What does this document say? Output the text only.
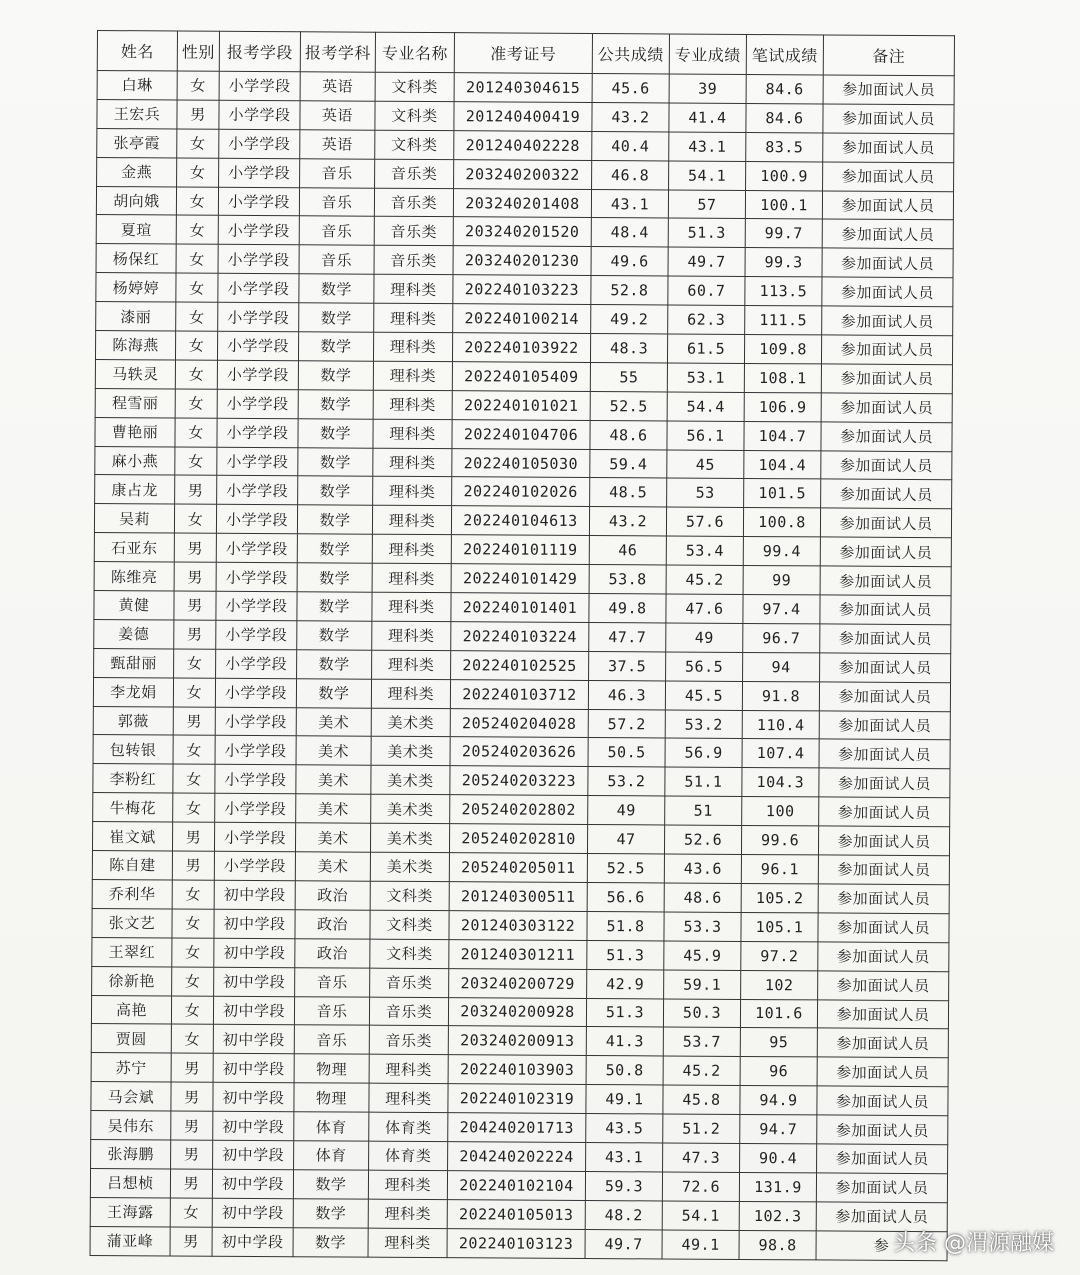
姓名	性别	报考学段	报考学科	专业名称	准考证号	公共成绩	专业成绩	笔试成绩	备注
白琳	女	小学学段	英语	文科类	201240304615	45.6	39	84.6	参加面试人员
王宏兵	男	小学学段	英语	文科类	201240400419	43.2	41.4	84.6	参加面试人员
张亭霞	女	小学学段	英语	文科类	201240402228	40.4	43.1	83.5	参加面试人员
金燕	女	小学学段	音乐	音乐类	203240200322	46.8	54.1	100.9	参加面试人员
胡向娥	女	小学学段	音乐	音乐类	203240201408	43.1	57	100.1	参加面试人员
夏瑄	女	小学学段	音乐	音乐类	203240201520	48.4	51.3	99.7	参加面试人员
杨保红	女	小学学段	音乐	音乐类	203240201230	49.6	49.7	99.3	参加面试人员
杨婷婷	女	小学学段	数学	理科类	202240103223	52.8	60.7	113.5	参加面试人员
漆丽	女	小学学段	数学	理科类	202240100214	49.2	62.3	111.5	参加面试人员
陈海燕	女	小学学段	数学	理科类	202240103922	48.3	61.5	109.8	参加面试人员
马轶灵	女	小学学段	数学	理科类	202240105409	55	53.1	108.1	参加面试人员
程雪丽	女	小学学段	数学	理科类	202240101021	52.5	54.4	106.9	参加面试人员
曹艳丽	女	小学学段	数学	理科类	202240104706	48.6	56.1	104.7	参加面试人员
麻小燕	女	小学学段	数学	理科类	202240105030	59.4	45	104.4	参加面试人员
康占龙	男	小学学段	数学	理科类	202240102026	48.5	53	101.5	参加面试人员
吴莉	女	小学学段	数学	理科类	202240104613	43.2	57.6	100.8	参加面试人员
石亚东	男	小学学段	数学	理科类	202240101119	46	53.4	99.4	参加面试人员
陈维亮	男	小学学段	数学	理科类	202240101429	53.8	45.2	99	参加面试人员
黄健	男	小学学段	数学	理科类	202240101401	49.8	47.6	97.4	参加面试人员
姜德	男	小学学段	数学	理科类	202240103224	47.7	49	96.7	参加面试人员
甄甜丽	女	小学学段	数学	理科类	202240102525	37.5	56.5	94	参加面试人员
李龙娟	女	小学学段	数学	理科类	202240103712	46.3	45.5	91.8	参加面试人员
郭薇	男	小学学段	美术	美术类	205240204028	57.2	53.2	110.4	参加面试人员
包转银	女	小学学段	美术	美术类	205240203626	50.5	56.9	107.4	参加面试人员
李粉红	女	小学学段	美术	美术类	205240203223	53.2	51.1	104.3	参加面试人员
牛梅花	女	小学学段	美术	美术类	205240202802	49	51	100	参加面试人员
崔文斌	男	小学学段	美术	美术类	205240202810	47	52.6	99.6	参加面试人员
陈自建	男	小学学段	美术	美术类	205240205011	52.5	43.6	96.1	参加面试人员
乔利华	女	初中学段	政治	文科类	201240300511	56.6	48.6	105.2	参加面试人员
张文艺	女	初中学段	政治	文科类	201240303122	51.8	53.3	105.1	参加面试人员
王翠红	女	初中学段	政治	文科类	201240301211	51.3	45.9	97.2	参加面试人员
徐新艳	女	初中学段	音乐	音乐类	203240200729	42.9	59.1	102	参加面试人员
高艳	女	初中学段	音乐	音乐类	203240200928	51.3	50.3	101.6	参加面试人员
贾圆	女	初中学段	音乐	音乐类	203240200913	41.3	53.7	95	参加面试人员
苏宁	男	初中学段	物理	理科类	202240103903	50.8	45.2	96	参加面试人员
马会斌	男	初中学段	物理	理科类	202240102319	49.1	45.8	94.9	参加面试人员
吴伟东	男	初中学段	体育	体育类	204240201713	43.5	51.2	94.7	参加面试人员
张海鹏	男	初中学段	体育	体育类	204240202224	43.1	47.3	90.4	参加面试人员
吕想桢	男	初中学段	数学	理科类	202240102104	59.3	72.6	131.9	参加面试人员
王海露	女	初中学段	数学	理科类	202240105013	48.2	54.1	102.3	参加面试人员
蒲亚峰	男	初中学段	数学	理科类	202240103123	49.7	49.1	98.8	参 头条 @渭源融媒
